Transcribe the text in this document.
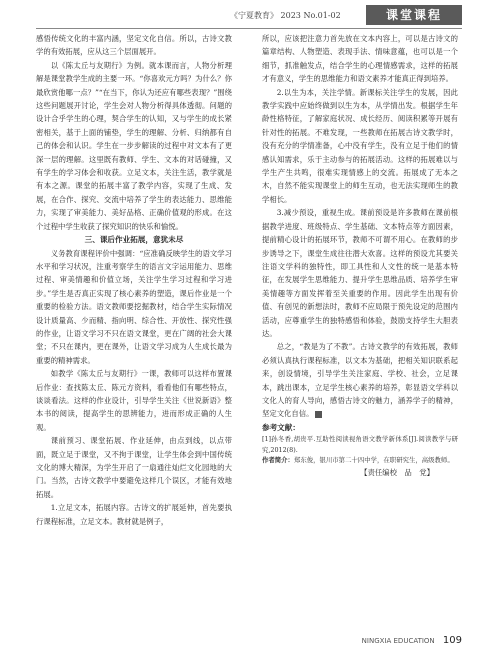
《宁夏教育》 2023 No.01-02	课堂课程

感悟传统文化的丰富内涵，坚定文化自信。所以，古诗文教学的有效拓展，应从这三个层面展开。

以《陈太丘与友期行》为例。就本课而言，人物分析理解是课堂教学生成的主要一环。“你喜欢元方吗？为什么？你最欣赏他哪一点？”“在当下，你认为还应有哪些表现？”围绕这些问题展开讨论，学生会对人物分析得具体透彻。问题的设计合乎学生的心理，契合学生的认知，又与学生的成长紧密相关，基于上面的铺垫，学生的理解、分析、归纳都有自己的体会和认识。学生在一步步解读的过程中对文本有了更深一层的理解。这里既有教师、学生、文本的对话碰撞，又有学生的学习体会和收获。立足文本，关注生活，教学就是有本之源。课堂的拓展丰富了教学内容，实现了生成、发展，在合作、探究、交流中培养了学生的表达能力、思维能力，实现了审美能力、美好品格、正确价值观的形成。在这个过程中学生收获了探究知识的快乐和愉悦。

三、课后作业拓展，意犹未尽

义务教育课程评价中强调：“应准确反映学生的语文学习水平和学习状况，注重考察学生的语言文字运用能力、思维过程、审美情趣和价值立场，关注学生学习过程和学习进步。”学生是否真正实现了核心素养的塑造，课后作业是一个重要的检验方法。语文教师要挖掘教材，结合学生实际情况设计质量高、少而精、指向明、综合性、开放性、探究性强的作业，让语文学习不只在语文课堂，更在广阔的社会大课堂；不只在课内，更在课外，让语文学习成为人生成长最为重要的精神需求。

如教学《陈太丘与友期行》一课，教师可以这样布置课后作业：查找陈太丘、陈元方资料，看看他们有哪些特点，谈谈看法。这样的作业设计，引导学生关注《世说新语》整本书的阅读，提高学生的思辨能力，进而形成正确的人生观。

课前预习、课堂拓展、作业延伸，由点到线，以点带面，既立足于课堂，又不拘于课堂，让学生体会到中国传统文化的博大精深，为学生开启了一扇通往灿烂文化园地的大门。当然，古诗文教学中要避免这样几个误区，才能有效地拓展。

1.立足文本，拓展内容。古诗文的扩展延伸，首先要执行课程标准，立足文本。教材就是例子，

所以，应该把注意力首先放在文本内容上，可以是古诗文的篇章结构、人物塑造、表现手法、情味意蕴，也可以是一个细节，抓准触发点，结合学生的心理情感需求，这样的拓展才有意义，学生的思维能力和语文素养才能真正得到培养。

2.以生为本，关注学情。新课标关注学生的发展，因此教学实践中应始终做到以生为本，从学情出发。根据学生年龄性格特征，了解家庭状况、成长经历、阅读积累等开展有针对性的拓展。不难发现，一些教师在拓展古诗文教学时，没有充分的学情准备，心中没有学生，没有立足于他们的情感认知需求，乐于主动参与的拓展活动。这样的拓展难以与学生产生共鸣，很难实现情感上的交流。拓展成了无本之木，自然不能实现课堂上的师生互动，也无法实现师生的教学相长。

3.减少预设，重视生成。课前预设是许多教师在课前根据教学进度、班级特点、学生基础、文本特点等方面因素，提前精心设计的拓展环节，教师不可谓不用心。在教师的步步诱导之下，课堂生成往往潜大欢喜。这样的预设尤其要关注语文学科的独特性，即工具性和人文性的统一是基本特征，在发展学生思维能力、提升学生思维品质、培养学生审美情趣等方面发挥着至关重要的作用。因此学生出现有价值、有创见的新想法时，教师不应局限于预先设定的范围内活动，应尊重学生的独特感悟和体验，鼓励支持学生大胆表达。

总之，“教是为了不教”。古诗文教学的有效拓展，教师必须认真执行课程标准，以文本为基础，把相关知识联系起来，创设情境，引导学生关注家庭、学校、社会，立足课本，跳出课本，立足学生核心素养的培养，彰显语文学科以文化人的育人导向，感悟古诗文的魅力，涵养学子的精神，坚定文化自信。

参考文献：

[1]孙冬香,胡贵平.互助性阅读视角语文教学新体系[J].阅读教学与研究,2012(8).

作者简介：郑东俊，银川市第二十四中学，在职研究生，高级教师。

【责任编校　品　党】

NINGXIA EDUCATION 109
